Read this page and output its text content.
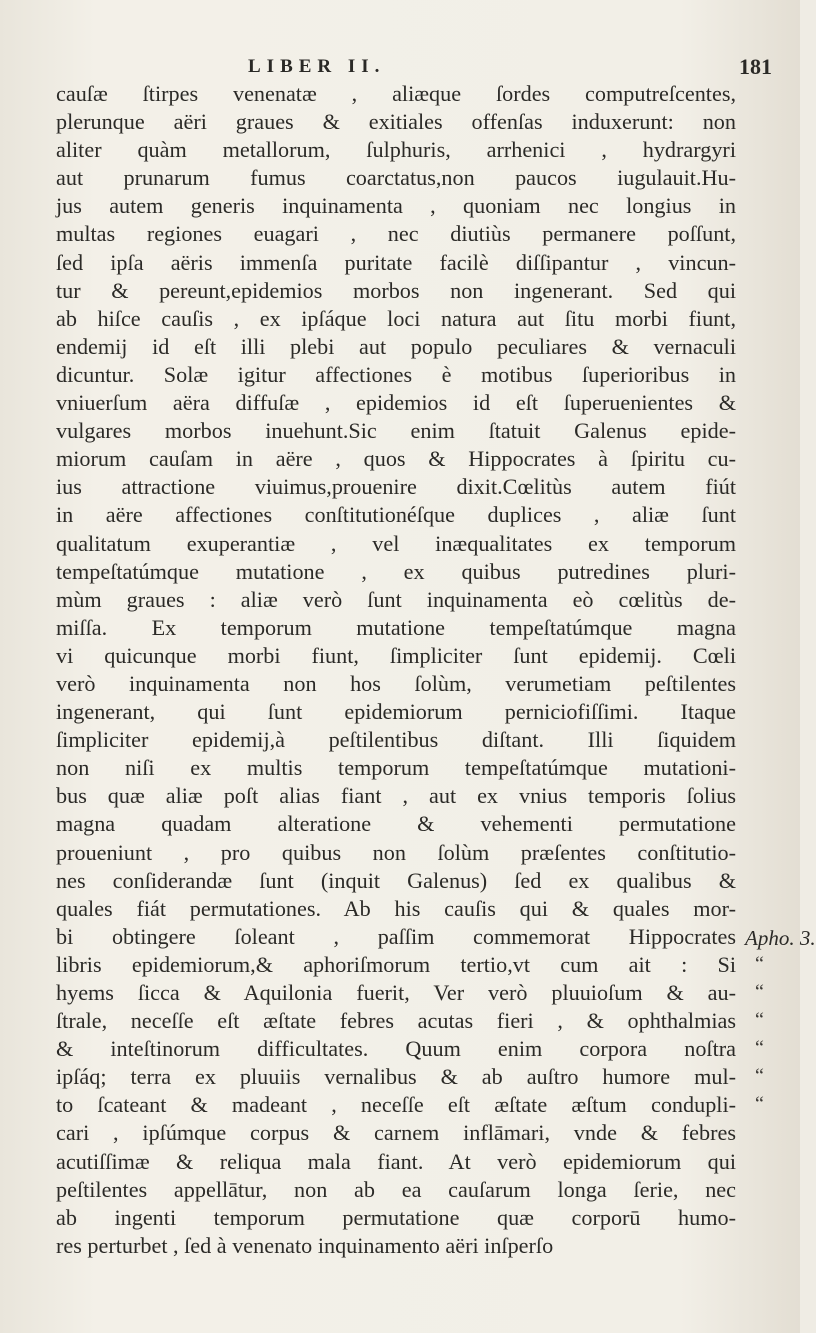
LIBER II.	181
cauſæ ſtirpes venenatæ , aliæque ſordes computreſcentes,
plerunque aëri graues & exitiales offenſas induxerunt: non
aliter quàm metallorum, ſulphuris, arrhenici , hydrargyri
aut prunarum fumus coarctatus,non paucos iugulauit.Hu-
jus autem generis inquinamenta , quoniam nec longius in
multas regiones euagari , nec diutiùs permanere poſſunt,
ſed ipſa aëris immenſa puritate facilè diſſipantur , vincun-
tur & pereunt,epidemios morbos non ingenerant. Sed qui
ab hiſce cauſis , ex ipſáque loci natura aut ſitu morbi fiunt,
endemij id eſt illi plebi aut populo peculiares & vernaculi
dicuntur. Solæ igitur affectiones è motibus ſuperioribus in
vniuerſum aëra diffuſæ , epidemios id eſt ſuperuenientes &
vulgares morbos inuehunt.Sic enim ſtatuit Galenus epide-
miorum cauſam in aëre , quos & Hippocrates à ſpiritu cu-
ius attractione viuimus,prouenire dixit.Cœlitùs autem fiút
in aëre affectiones conſtitutionéſque duplices , aliæ ſunt
qualitatum exuperantiæ , vel inæqualitates ex temporum
tempeſtatúmque mutatione , ex quibus putredines pluri-
mùm graues : aliæ verò ſunt inquinamenta eò cœlitùs de-
miſſa. Ex temporum mutatione tempeſtatúmque magna
vi quicunque morbi fiunt, ſimpliciter ſunt epidemij. Cœli
verò inquinamenta non hos ſolùm, verumetiam peſtilentes
ingenerant, qui ſunt epidemiorum perniciofiſſimi. Itaque
ſimpliciter epidemij,à peſtilentibus diſtant. Illi ſiquidem
non niſi ex multis temporum tempeſtatúmque mutationi-
bus quæ aliæ poſt alias fiant , aut ex vnius temporis ſolius
magna quadam alteratione & vehementi permutatione
proueniunt , pro quibus non ſolùm præſentes conſtitutio-
nes conſiderandæ ſunt (inquit Galenus) ſed ex qualibus &
quales fiát permutationes. Ab his cauſis qui & quales mor-
bi obtingere ſoleant , paſſim commemorat Hippocrates
libris epidemiorum,& aphoriſmorum tertio,vt cum ait : Si
hyems ſicca & Aquilonia fuerit, Ver verò pluuioſum & au-
ſtrale, neceſſe eſt æſtate febres acutas fieri , & ophthalmias
& inteſtinorum difficultates. Quum enim corpora noſtra
ipſáq; terra ex pluuiis vernalibus & ab auſtro humore mul-
to ſcateant & madeant , neceſſe eſt æſtate æſtum condupli-
cari , ipſúmque corpus & carnem inflāmari, vnde & febres
acutiſſimæ & reliqua mala fiant. At verò epidemiorum qui
peſtilentes appellātur, non ab ea cauſarum longa ſerie, nec
ab ingenti temporum permutatione quæ corporū humo-
res perturbet , ſed à venenato inquinamento aëri inſperſo
Apho. 3.
“
“
“
“
“
“
